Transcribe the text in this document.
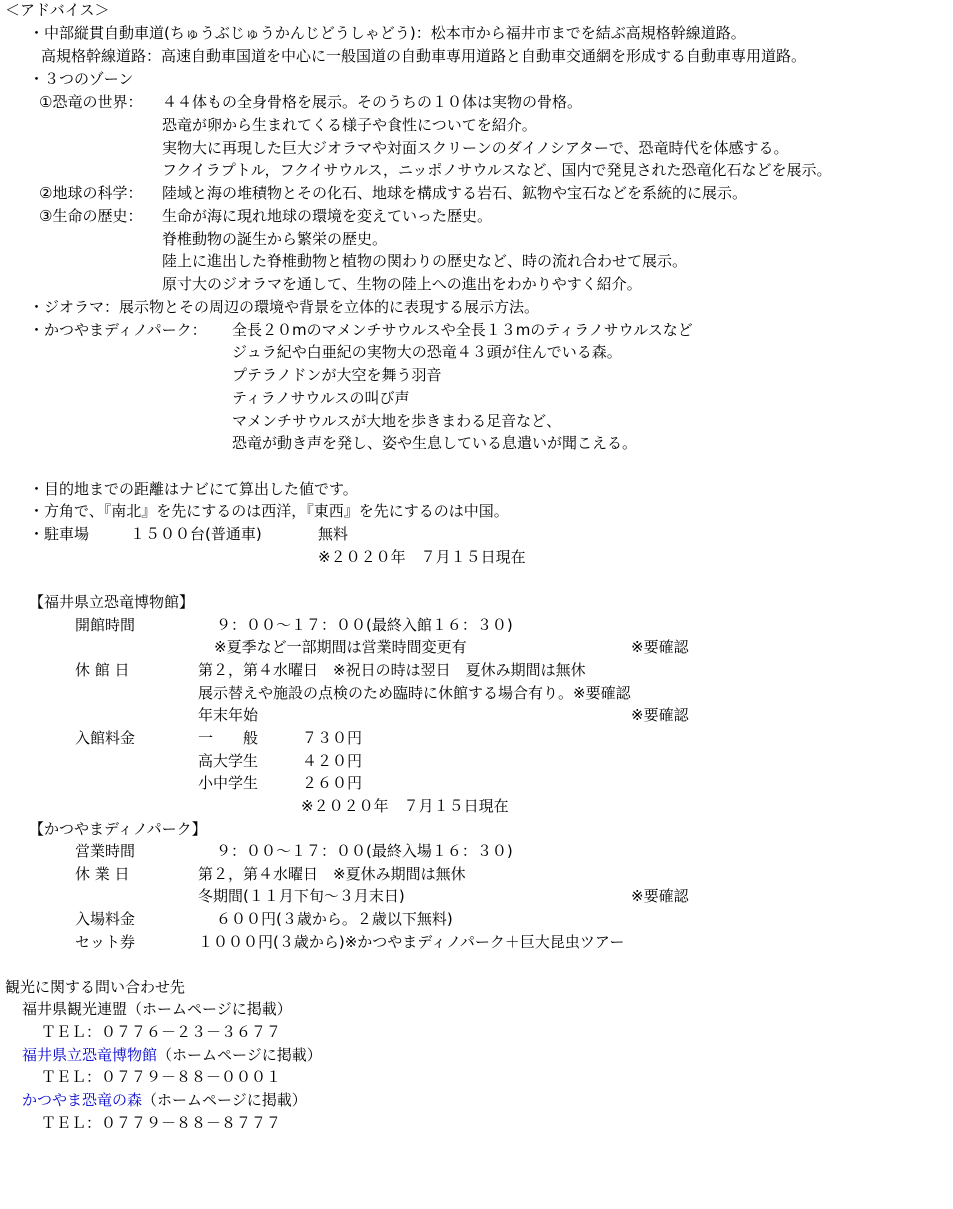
＜アドバイス＞
・中部縦貫自動車道(ちゅうぶじゅうかんじどうしゃどう)：松本市から福井市までを結ぶ高規格幹線道路。
高規格幹線道路：高速自動車国道を中心に一般国道の自動車専用道路と自動車交通網を形成する自動車専用道路。
・３つのゾーン
①恐竜の世界： ４４体もの全身骨格を展示。そのうちの１０体は実物の骨格。
恐竜が卵から生まれてくる様子や食性についてを紹介。
実物大に再現した巨大ジオラマや対面スクリーンのダイノシアターで、恐竜時代を体感する。
フクイラプトル，フクイサウルス，ニッポノサウルスなど、国内で発見された恐竜化石などを展示。
②地球の科学： 陸域と海の堆積物とその化石、地球を構成する岩石、鉱物や宝石などを系統的に展示。
③生命の歴史： 生命が海に現れ地球の環境を変えていった歴史。
脊椎動物の誕生から繁栄の歴史。
陸上に進出した脊椎動物と植物の関わりの歴史など、時の流れ合わせて展示。
原寸大のジオラマを通して、生物の陸上への進出をわかりやすく紹介。
・ジオラマ：展示物とその周辺の環境や背景を立体的に表現する展示方法。
・かつやまディノパーク： 全長２０mのマメンチサウルスや全長１３mのティラノサウルスなど
ジュラ紀や白亜紀の実物大の恐竜４３頭が住んでいる森。
プテラノドンが大空を舞う羽音
ティラノサウルスの叫び声
マメンチサウルスが大地を歩きまわる足音など、
恐竜が動き声を発し、姿や生息している息遣いが聞こえる。
・目的地までの距離はナビにて算出した値です。
・方角で、『南北』を先にするのは西洋，『東西』を先にするのは中国。
・駐車場	１５００台(普通車)	無料
※２０２０年　７月１５日現在
【福井県立恐竜博物館】
開館時間	９：００～１７：００(最終入館１６：３０)
※夏季など一部期間は営業時間変更有	※要確認
休 館 日	第２，第４水曜日　※祝日の時は翌日　夏休み期間は無休
展示替えや施設の点検のため臨時に休館する場合有り。※要確認
年末年始	※要確認
入館料金	一　　般	７３０円
高大学生	４２０円
小中学生	２６０円
※２０２０年　７月１５日現在
【かつやまディノパーク】
営業時間	９：００～１７：００(最終入場１６：３０)
休 業 日	第２，第４水曜日　※夏休み期間は無休
冬期間(１１月下旬～３月末日)	※要確認
入場料金	６００円(３歳から。２歳以下無料)
セット券	１０００円(３歳から)※かつやまディノパーク＋巨大昆虫ツアー
観光に関する問い合わせ先
福井県観光連盟（ホームページに掲載）
ＴＥＬ：０７７６－２３－３６７７
福井県立恐竜博物館（ホームページに掲載）
ＴＥＬ：０７７９－８８－０００１
かつやま恐竜の森（ホームページに掲載）
ＴＥＬ：０７７９－８８－８７７７
